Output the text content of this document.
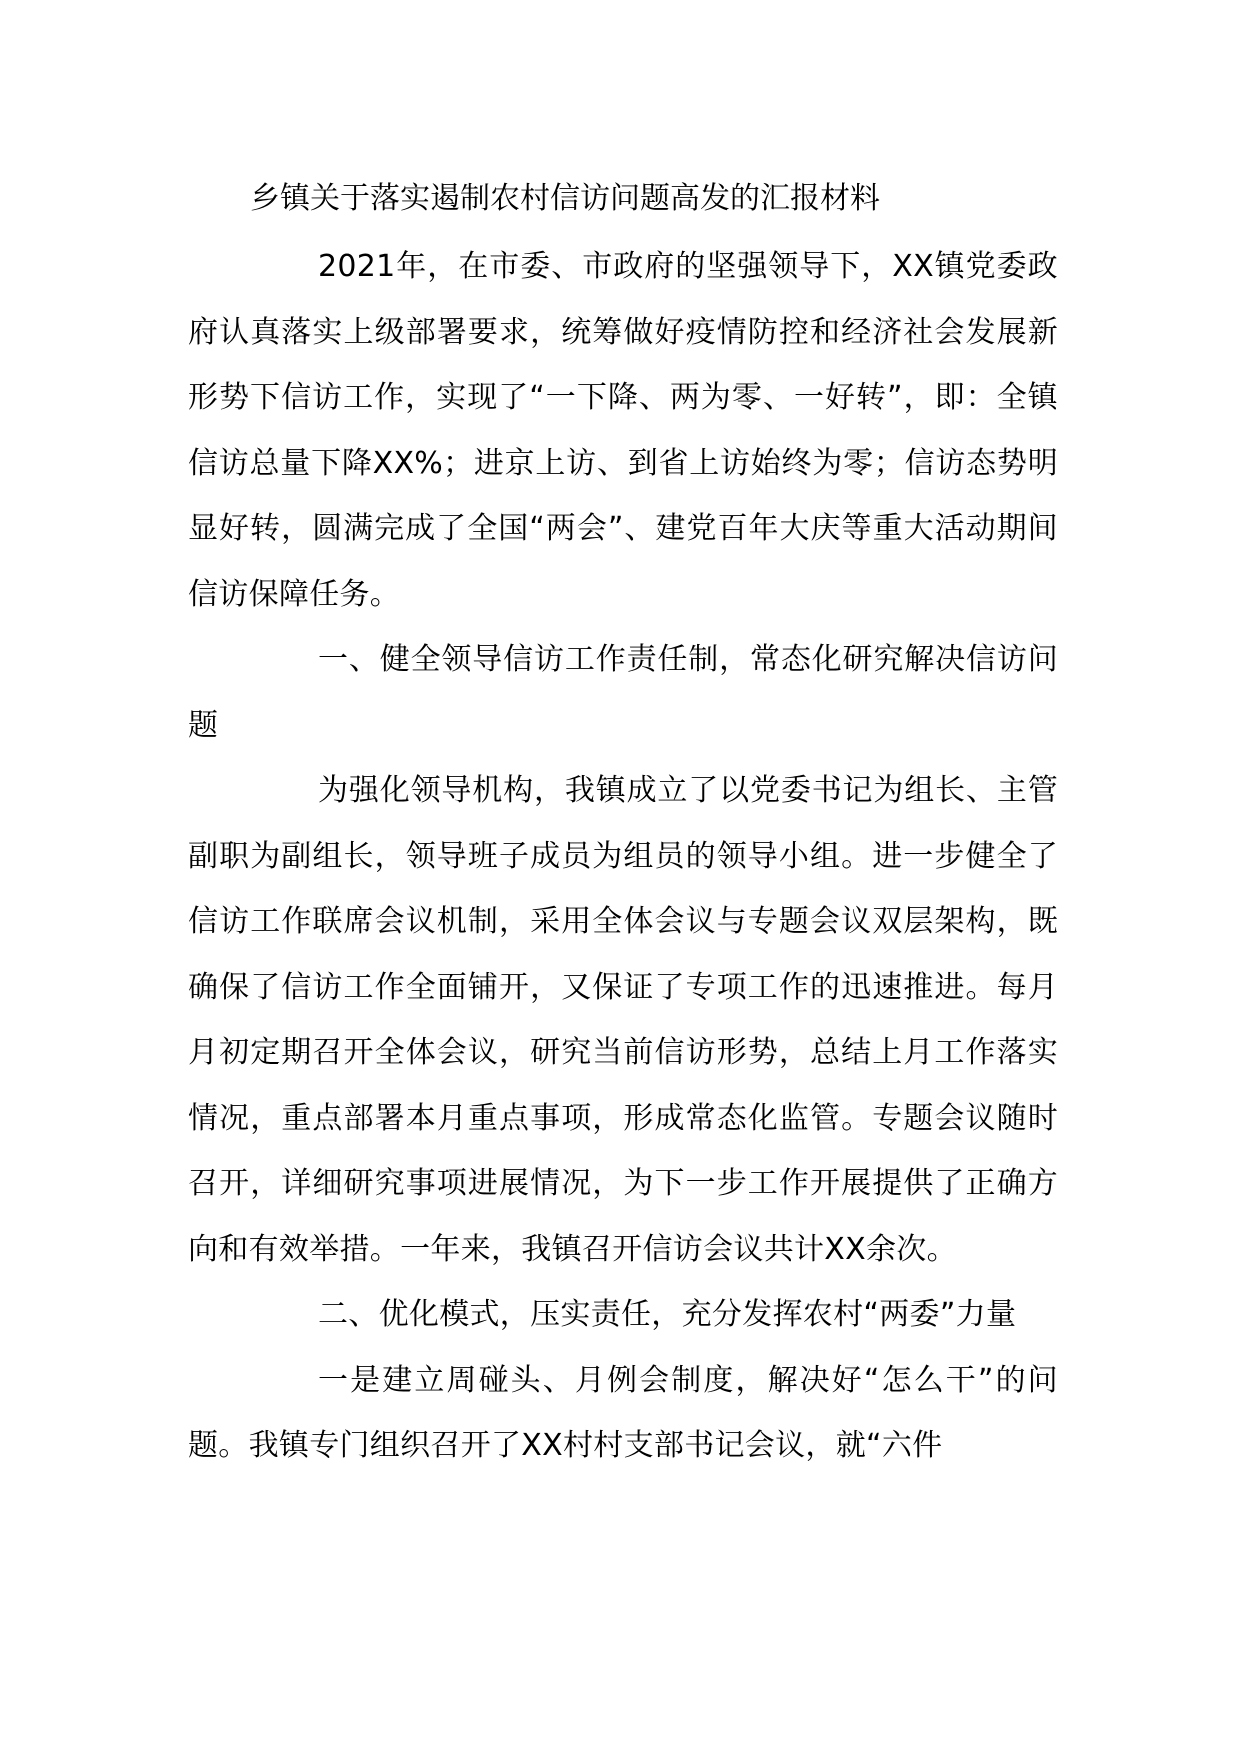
乡镇关于落实遏制农村信访问题高发的汇报材料

2021年，在市委、市政府的坚强领导下，XX镇党委政府认真落实上级部署要求，统筹做好疫情防控和经济社会发展新形势下信访工作，实现了“一下降、两为零、一好转”，即：全镇信访总量下降XX%；进京上访、到省上访始终为零；信访态势明显好转，圆满完成了全国“两会”、建党百年大庆等重大活动期间信访保障任务。

一、健全领导信访工作责任制，常态化研究解决信访问题

为强化领导机构，我镇成立了以党委书记为组长、主管副职为副组长，领导班子成员为组员的领导小组。进一步健全了信访工作联席会议机制，采用全体会议与专题会议双层架构，既确保了信访工作全面铺开，又保证了专项工作的迅速推进。每月月初定期召开全体会议，研究当前信访形势，总结上月工作落实情况，重点部署本月重点事项，形成常态化监管。专题会议随时召开，详细研究事项进展情况，为下一步工作开展提供了正确方向和有效举措。一年来，我镇召开信访会议共计XX余次。

二、优化模式，压实责任，充分发挥农村“两委”力量

一是建立周碰头、月例会制度，解决好“怎么干”的问题。我镇专门组织召开了XX村村支部书记会议，就“六件
